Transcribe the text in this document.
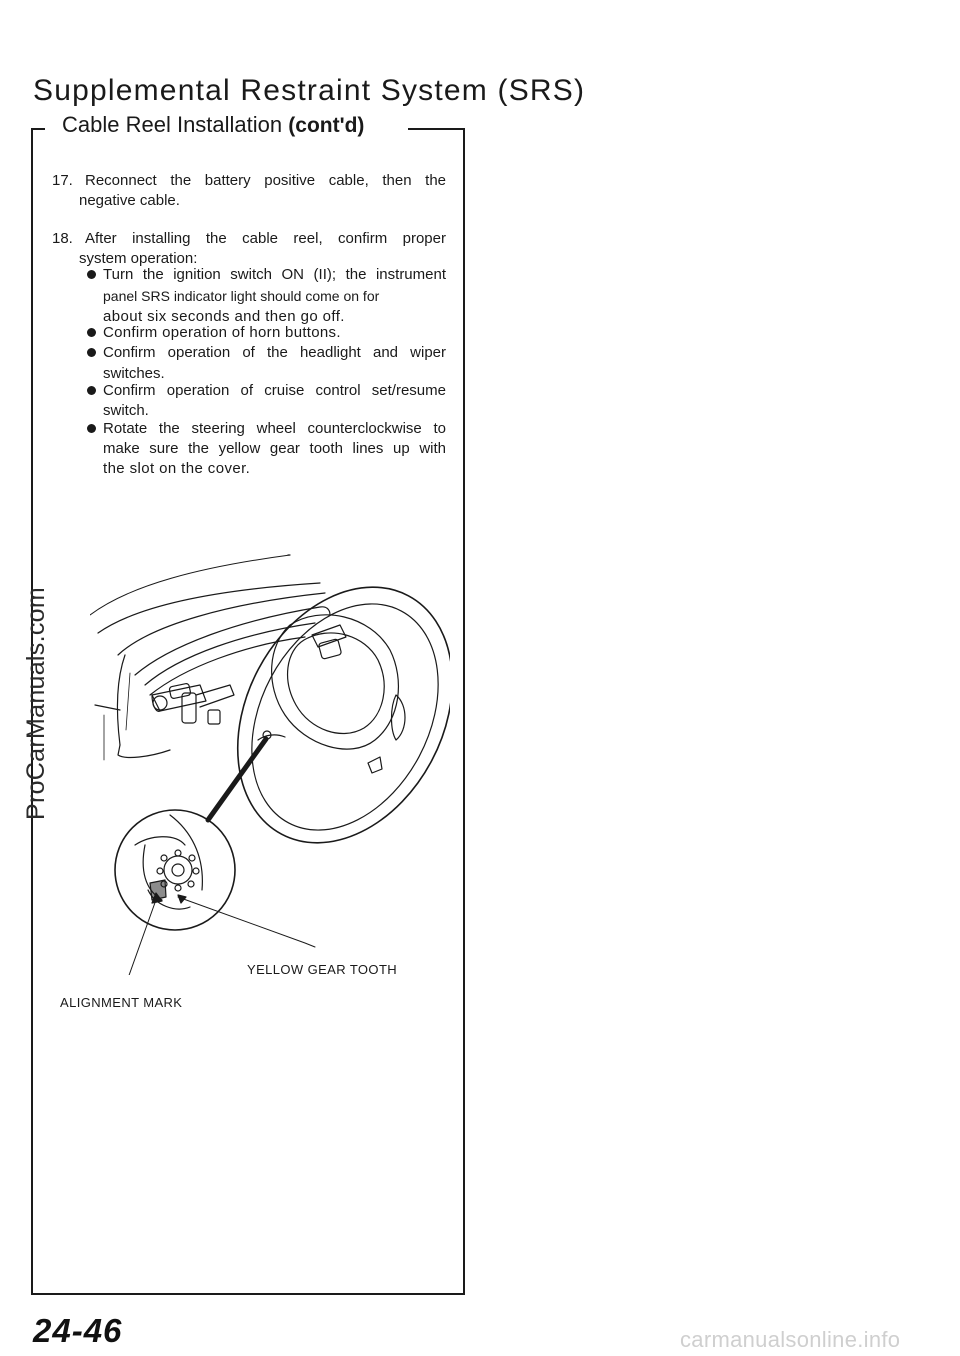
Supplemental Restraint System (SRS)
Cable Reel Installation (cont'd)
17. Reconnect the battery positive cable, then the
negative cable.
18. After installing the cable reel, confirm proper
system operation:
Turn the ignition switch ON (II); the instrument
panel SRS indicator light should come on for
about six seconds and then go off.
Confirm operation of horn buttons.
Confirm operation of the headlight and wiper
switches.
Confirm operation of cruise control set/resume
switch.
Rotate the steering wheel counterclockwise to
make sure the yellow gear tooth lines up with
the slot on the cover.
YELLOW GEAR TOOTH
ALIGNMENT MARK
24-46
ProCarManuals.com
carmanualsonline.info
